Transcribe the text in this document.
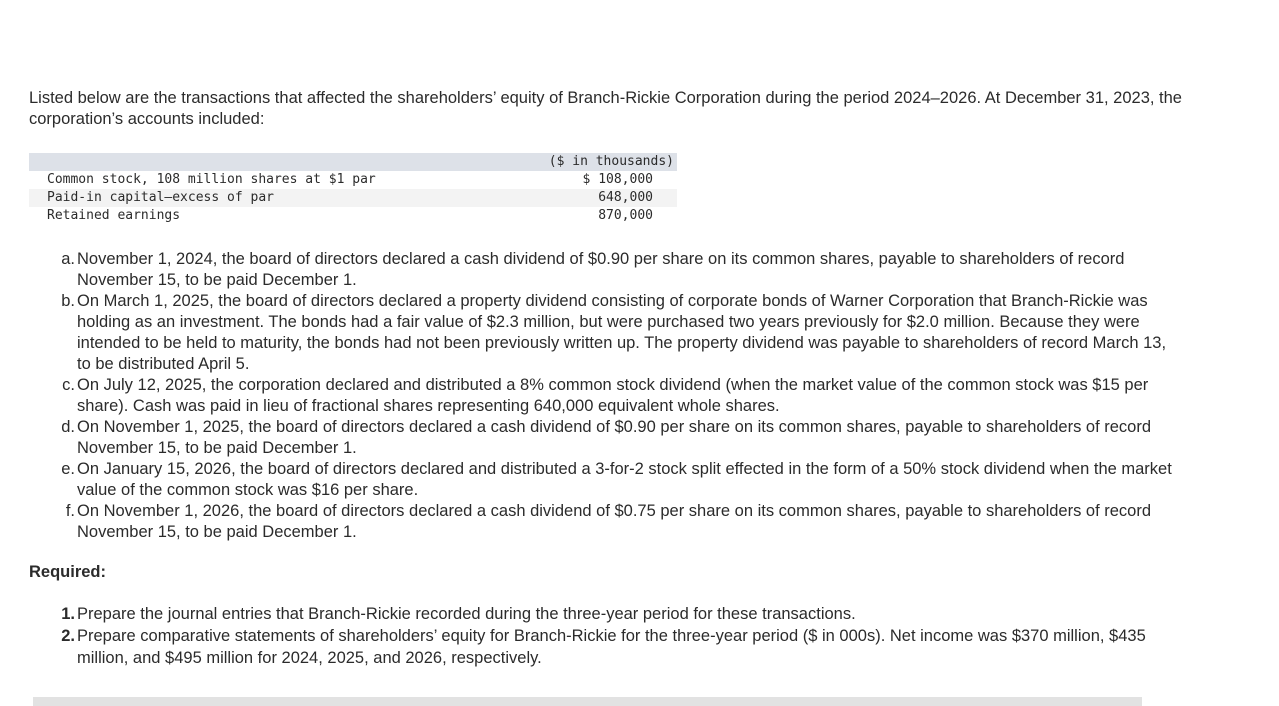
Listed below are the transactions that affected the shareholders’ equity of Branch-Rickie Corporation during the period 2024–2026. At December 31, 2023, the corporation’s accounts included:

	($ in thousands)
Common stock, 108 million shares at $1 par	$ 108,000
Paid-in capital—excess of par	648,000
Retained earnings	870,000
a. November 1, 2024, the board of directors declared a cash dividend of $0.90 per share on its common shares, payable to shareholders of record November 15, to be paid December 1.
b. On March 1, 2025, the board of directors declared a property dividend consisting of corporate bonds of Warner Corporation that Branch-Rickie was holding as an investment. The bonds had a fair value of $2.3 million, but were purchased two years previously for $2.0 million. Because they were intended to be held to maturity, the bonds had not been previously written up. The property dividend was payable to shareholders of record March 13, to be distributed April 5.
c. On July 12, 2025, the corporation declared and distributed a 8% common stock dividend (when the market value of the common stock was $15 per share). Cash was paid in lieu of fractional shares representing 640,000 equivalent whole shares.
d. On November 1, 2025, the board of directors declared a cash dividend of $0.90 per share on its common shares, payable to shareholders of record November 15, to be paid December 1.
e. On January 15, 2026, the board of directors declared and distributed a 3-for-2 stock split effected in the form of a 50% stock dividend when the market value of the common stock was $16 per share.
f. On November 1, 2026, the board of directors declared a cash dividend of $0.75 per share on its common shares, payable to shareholders of record November 15, to be paid December 1.

Required:

1. Prepare the journal entries that Branch-Rickie recorded during the three-year period for these transactions.
2. Prepare comparative statements of shareholders’ equity for Branch-Rickie for the three-year period ($ in 000s). Net income was $370 million, $435 million, and $495 million for 2024, 2025, and 2026, respectively.
